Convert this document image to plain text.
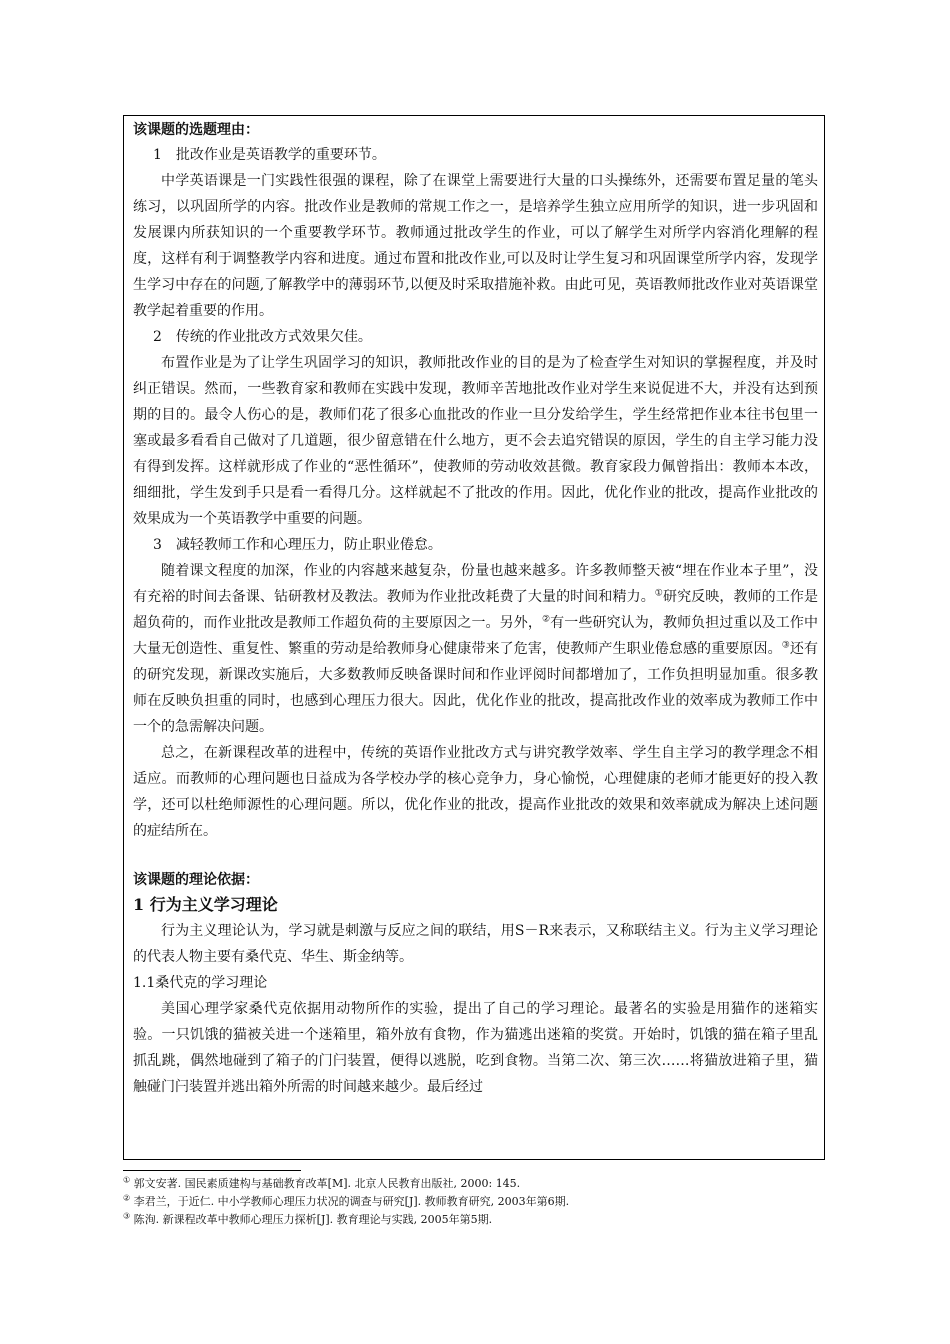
该课题的选题理由：

1　批改作业是英语教学的重要环节。

中学英语课是一门实践性很强的课程，除了在课堂上需要进行大量的口头操练外，还需要布置足量的笔头练习，以巩固所学的内容。批改作业是教师的常规工作之一，是培养学生独立应用所学的知识，进一步巩固和发展课内所获知识的一个重要教学环节。教师通过批改学生的作业，可以了解学生对所学内容消化理解的程度，这样有利于调整教学内容和进度。通过布置和批改作业,可以及时让学生复习和巩固课堂所学内容，发现学生学习中存在的问题,了解教学中的薄弱环节,以便及时采取措施补救。由此可见，英语教师批改作业对英语课堂教学起着重要的作用。

2　传统的作业批改方式效果欠佳。

布置作业是为了让学生巩固学习的知识，教师批改作业的目的是为了检查学生对知识的掌握程度，并及时纠正错误。然而，一些教育家和教师在实践中发现，教师辛苦地批改作业对学生来说促进不大，并没有达到预期的目的。最令人伤心的是，教师们花了很多心血批改的作业一旦分发给学生，学生经常把作业本往书包里一塞或最多看看自己做对了几道题，很少留意错在什么地方，更不会去追究错误的原因，学生的自主学习能力没有得到发挥。这样就形成了作业的“恶性循环”，使教师的劳动收效甚微。教育家段力佩曾指出：教师本本改，细细批，学生发到手只是看一看得几分。这样就起不了批改的作用。因此，优化作业的批改，提高作业批改的效果成为一个英语教学中重要的问题。

3　减轻教师工作和心理压力，防止职业倦怠。

随着课文程度的加深，作业的内容越来越复杂，份量也越来越多。许多教师整天被“埋在作业本子里”，没有充裕的时间去备课、钻研教材及教法。教师为作业批改耗费了大量的时间和精力。①研究反映，教师的工作是超负荷的，而作业批改是教师工作超负荷的主要原因之一。另外，②有一些研究认为，教师负担过重以及工作中大量无创造性、重复性、繁重的劳动是给教师身心健康带来了危害，使教师产生职业倦怠感的重要原因。③还有的研究发现，新课改实施后，大多数教师反映备课时间和作业评阅时间都增加了，工作负担明显加重。很多教师在反映负担重的同时，也感到心理压力很大。因此，优化作业的批改，提高批改作业的效率成为教师工作中一个的急需解决问题。

总之，在新课程改革的进程中，传统的英语作业批改方式与讲究教学效率、学生自主学习的教学理念不相适应。而教师的心理问题也日益成为各学校办学的核心竞争力，身心愉悦，心理健康的老师才能更好的投入教学，还可以杜绝师源性的心理问题。所以，优化作业的批改，提高作业批改的效果和效率就成为解决上述问题的症结所在。

该课题的理论依据：

1 行为主义学习理论

行为主义理论认为，学习就是刺激与反应之间的联结，用S－R来表示，又称联结主义。行为主义学习理论的代表人物主要有桑代克、华生、斯金纳等。

1.1桑代克的学习理论

美国心理学家桑代克依据用动物所作的实验，提出了自己的学习理论。最著名的实验是用猫作的迷箱实验。一只饥饿的猫被关进一个迷箱里，箱外放有食物，作为猫逃出迷箱的奖赏。开始时，饥饿的猫在箱子里乱抓乱跳，偶然地碰到了箱子的门闩装置，便得以逃脱，吃到食物。当第二次、第三次……将猫放进箱子里，猫触碰门闩装置并逃出箱外所需的时间越来越少。最后经过

① 郭文安著. 国民素质建构与基础教育改革[M]. 北京人民教育出版社, 2000: 145.

② 李君兰，于近仁. 中小学教师心理压力状况的调查与研究[J]. 教师教育研究, 2003年第6期.

③ 陈洵. 新课程改革中教师心理压力探析[J]. 教育理论与实践, 2005年第5期.
